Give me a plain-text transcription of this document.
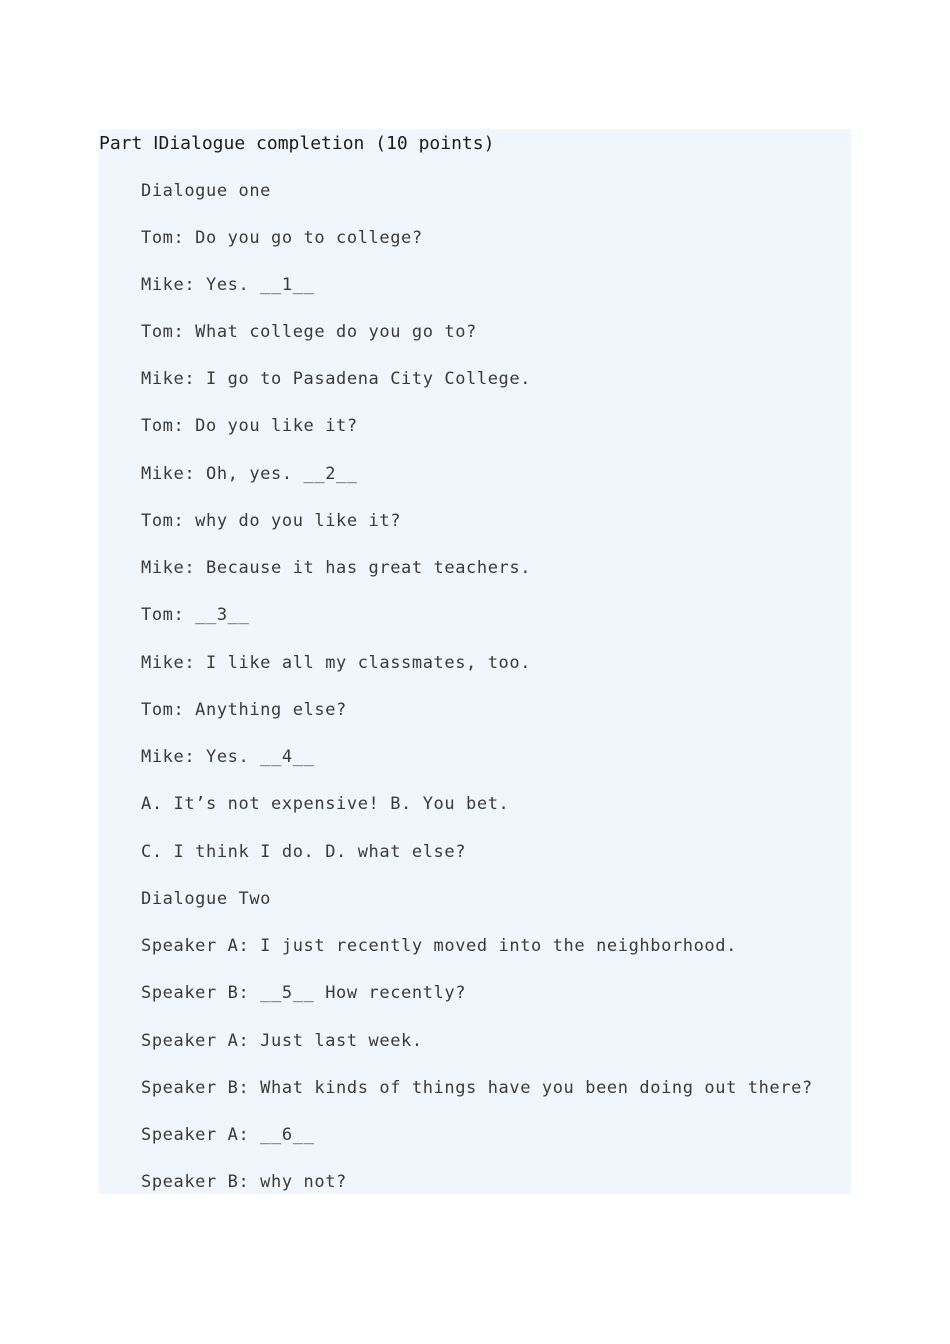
Part ⅠDialogue completion (10 points)
Dialogue one
Tom: Do you go to college?
Mike: Yes. __1__
Tom: What college do you go to?
Mike: I go to Pasadena City College.
Tom: Do you like it?
Mike: Oh, yes. __2__
Tom: why do you like it?
Mike: Because it has great teachers.
Tom: __3__
Mike: I like all my classmates, too.
Tom: Anything else?
Mike: Yes. __4__
A. It’s not expensive! B. You bet.
C. I think I do. D. what else?
Dialogue Two
Speaker A: I just recently moved into the neighborhood.
Speaker B: __5__ How recently?
Speaker A: Just last week.
Speaker B: What kinds of things have you been doing out there?
Speaker A: __6__
Speaker B: why not?
